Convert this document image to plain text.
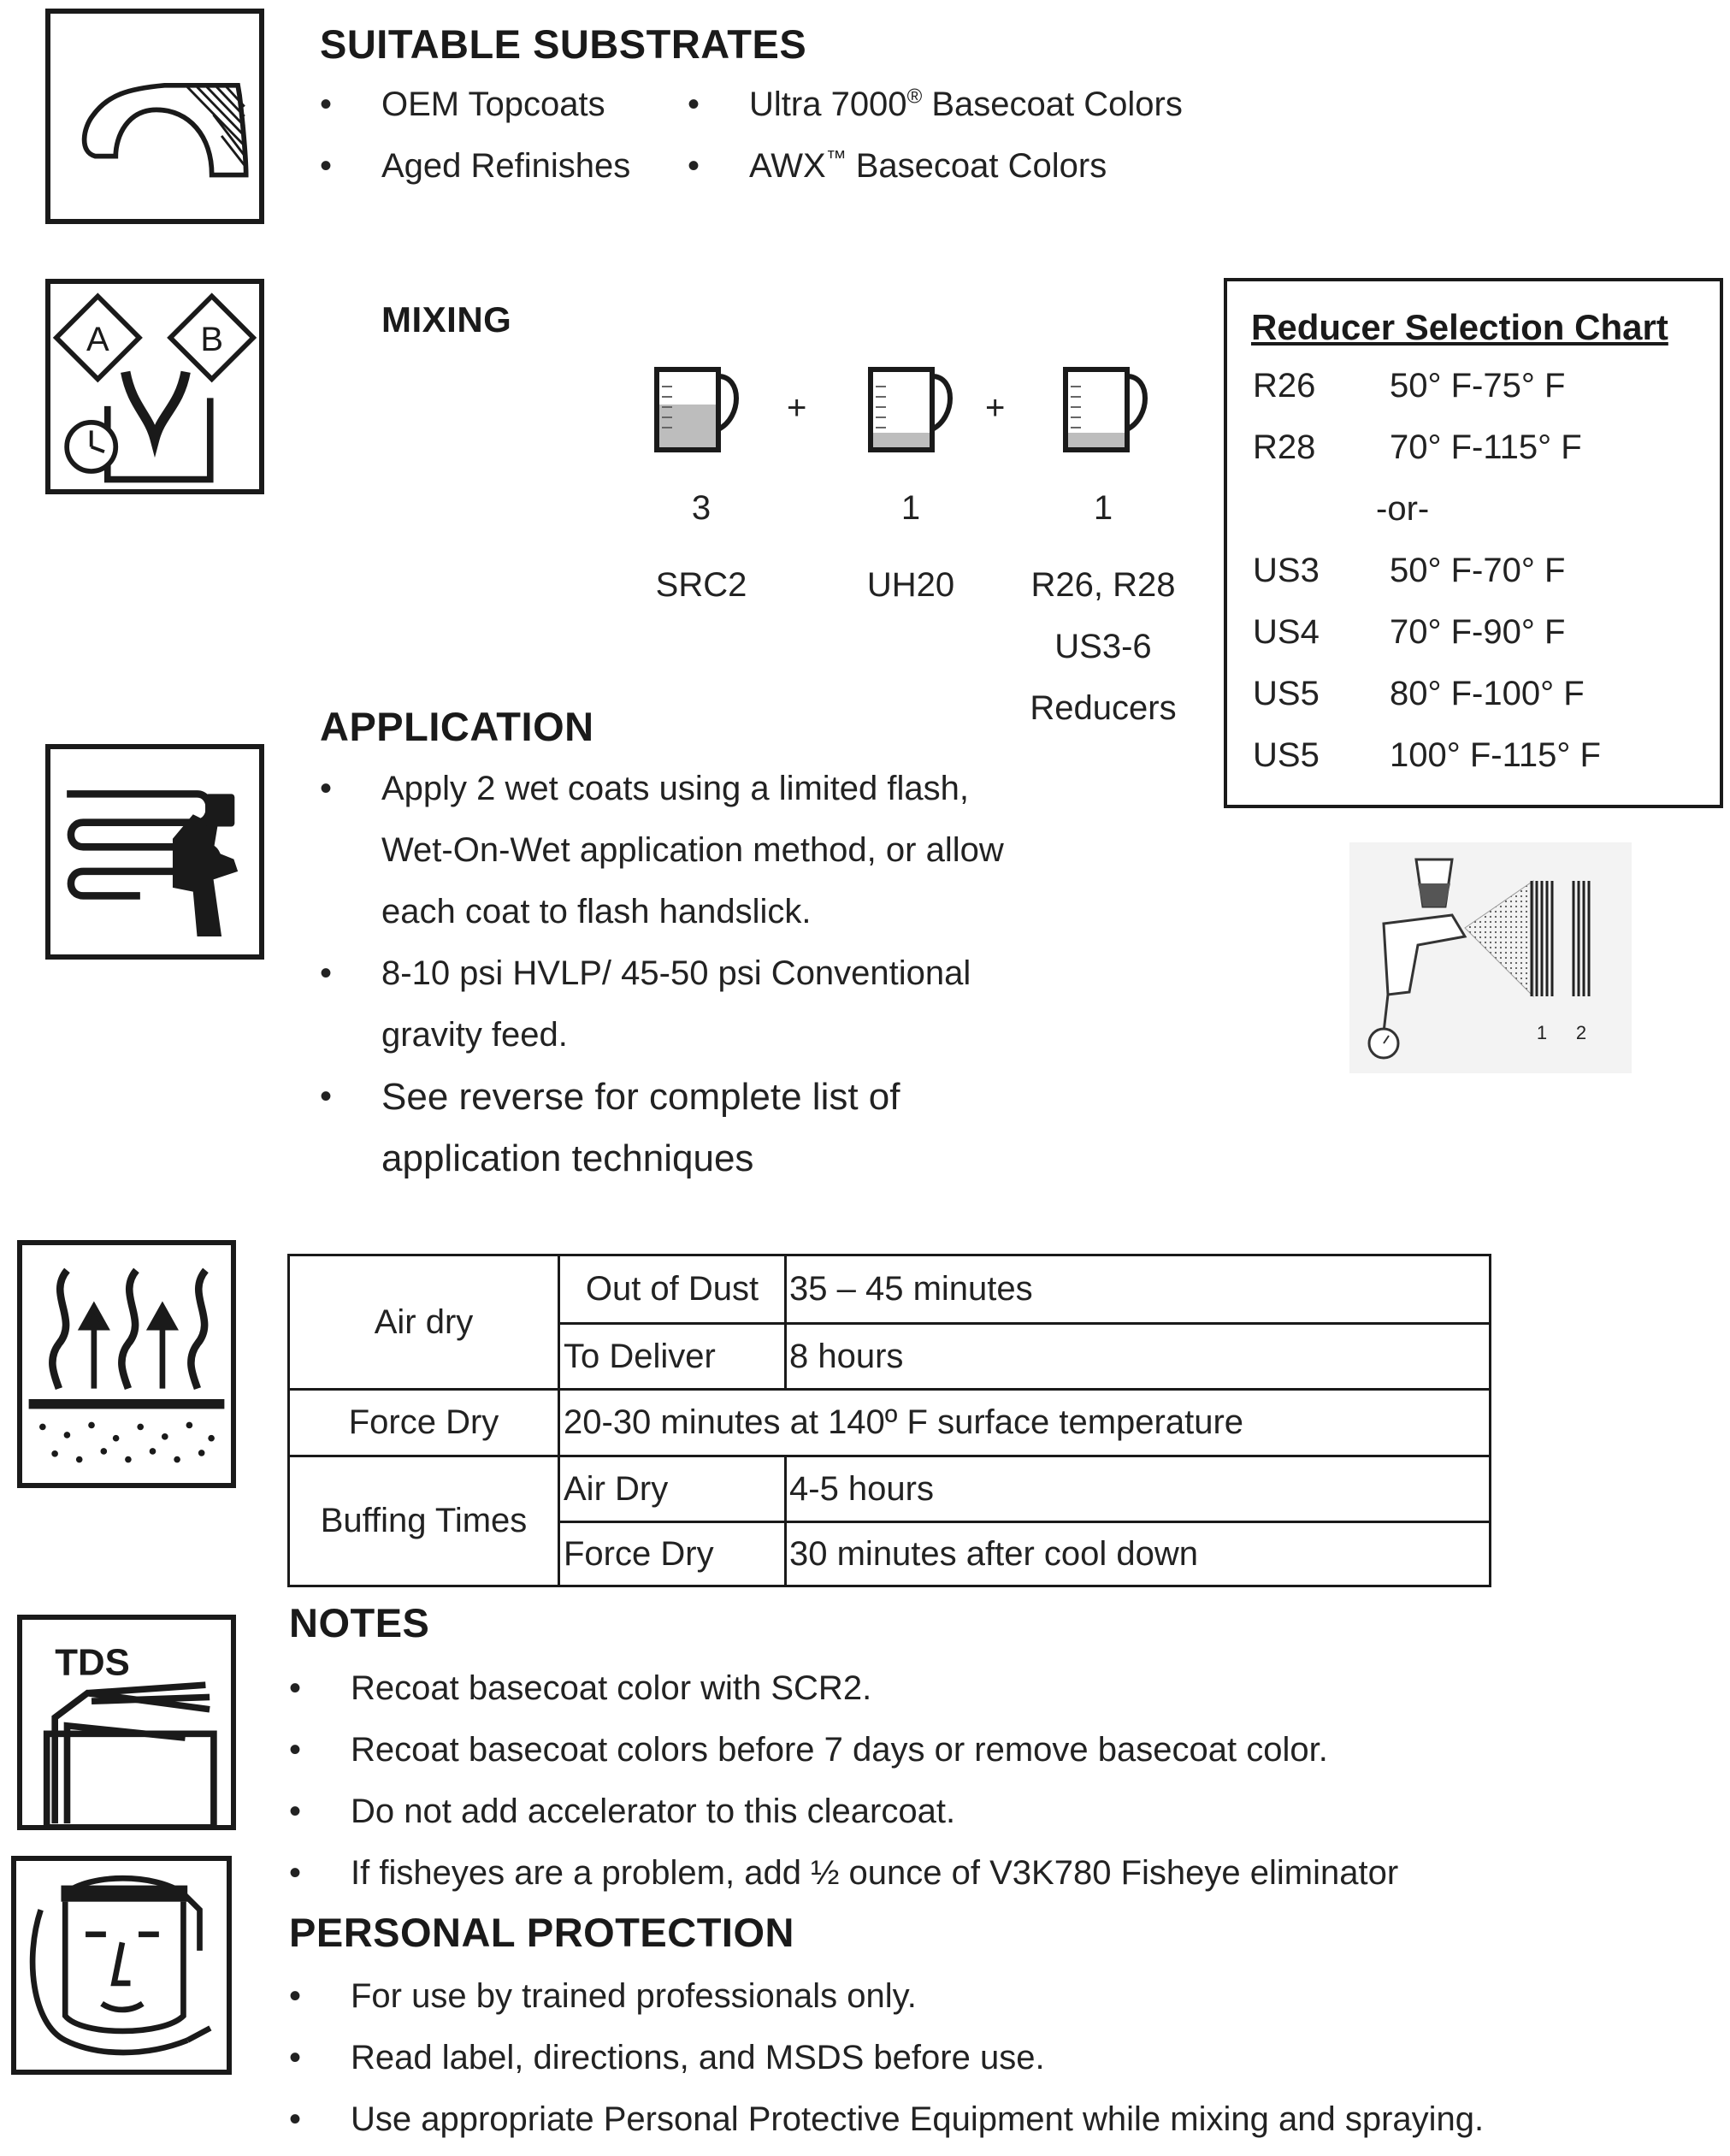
SUITABLE SUBSTRATES
• OEM Topcoats
• Aged Refinishes
• Ultra 7000® Basecoat Colors
• AWX™ Basecoat Colors
A	B
MIXING
+	+
3	1	1
SRC2	UH20	R26, R28
US3-6
Reducers
Reducer Selection Chart
R26 50° F-75° F
R28 70° F-115° F
-or-
US3 50° F-70° F
US4 70° F-90° F
US5 80° F-100° F
US5 100° F-115° F
APPLICATION
• Apply 2 wet coats using a limited flash,
Wet-On-Wet application method, or allow
each coat to flash handslick.
• 8-10 psi HVLP/ 45-50 psi Conventional
gravity feed.
• See reverse for complete list of
application techniques
1 2
Air dry
Out of Dust 35 – 45 minutes
To Deliver	8 hours
Force Dry	20-30 minutes at 140º F surface temperature
Buffing Times
Air Dry	4-5 hours
Force Dry	30 minutes after cool down
TDS
NOTES
• Recoat basecoat color with SCR2.
• Recoat basecoat colors before 7 days or remove basecoat color.
• Do not add accelerator to this clearcoat.
• If fisheyes are a problem, add ½ ounce of V3K780 Fisheye eliminator
PERSONAL PROTECTION
• For use by trained professionals only.
• Read label, directions, and MSDS before use.
• Use appropriate Personal Protective Equipment while mixing and spraying.
